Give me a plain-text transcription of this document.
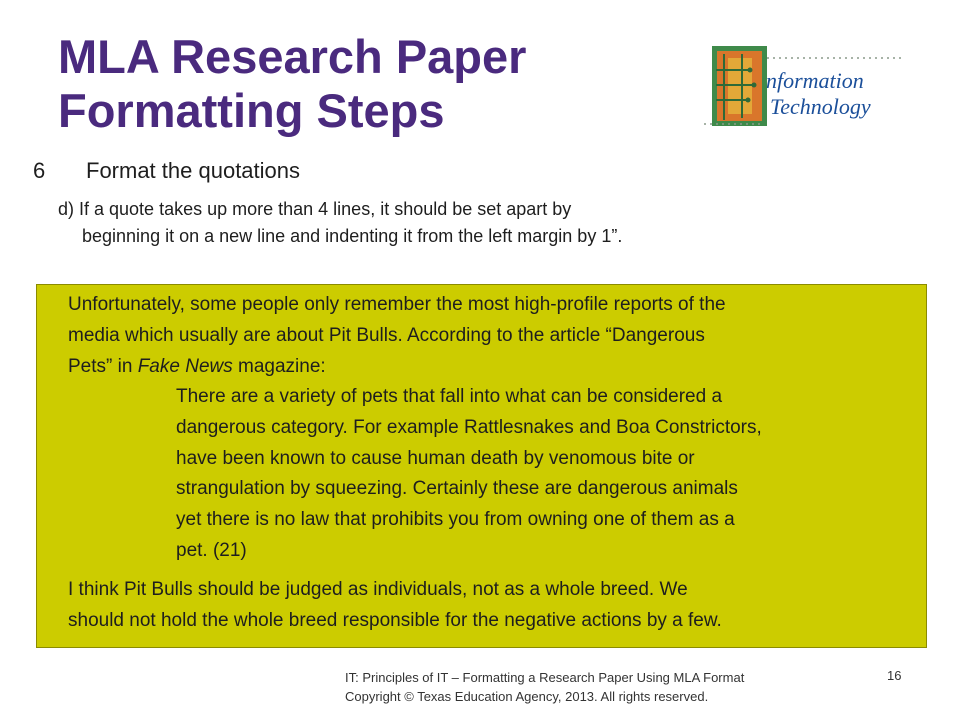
MLA Research Paper
Formatting Steps
nformation
Technology
6 Format the quotations
d) If a quote takes up more than 4 lines, it should be set apart by
beginning it on a new line and indenting it from the left margin by 1”.
Unfortunately, some people only remember the most high-profile reports of the
media which usually are about Pit Bulls. According to the article “Dangerous
Pets” in Fake News magazine:
There are a variety of pets that fall into what can be considered a
dangerous category. For example Rattlesnakes and Boa Constrictors,
have been known to cause human death by venomous bite or
strangulation by squeezing. Certainly these are dangerous animals
yet there is no law that prohibits you from owning one of them as a
pet. (21)
I think Pit Bulls should be judged as individuals, not as a whole breed. We
should not hold the whole breed responsible for the negative actions by a few.
IT: Principles of IT – Formatting a Research Paper Using MLA Format
Copyright © Texas Education Agency, 2013. All rights reserved.
16
